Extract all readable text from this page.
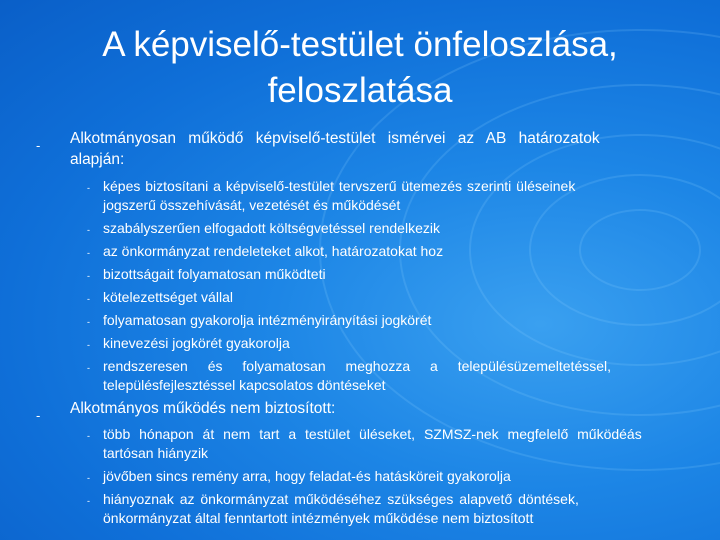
A képviselő-testület önfeloszlása,
feloszlatása
- Alkotmányosan működő képviselő-testület ismérvei az AB határozatok
alapján:
- képes biztosítani a képviselő-testület tervszerű ütemezés szerinti üléseinek
jogszerű összehívását, vezetését és működését
- szabályszerűen elfogadott költségvetéssel rendelkezik
- az önkormányzat rendeleteket alkot, határozatokat hoz
- bizottságait folyamatosan működteti
- kötelezettséget vállal
- folyamatosan gyakorolja intézményirányítási jogkörét
- kinevezési jogkörét gyakorolja
- rendszeresen és folyamatosan meghozza a településüzemeltetéssel,
településfejlesztéssel kapcsolatos döntéseket
- Alkotmányos működés nem biztosított:
- több hónapon át nem tart a testület üléseket, SZMSZ-nek megfelelő működéás
tartósan hiányzik
- jövőben sincs remény arra, hogy feladat-és hatásköreit gyakorolja
- hiányoznak az önkormányzat működéséhez szükséges alapvető döntések,
önkormányzat által fenntartott intézmények működése nem biztosított
